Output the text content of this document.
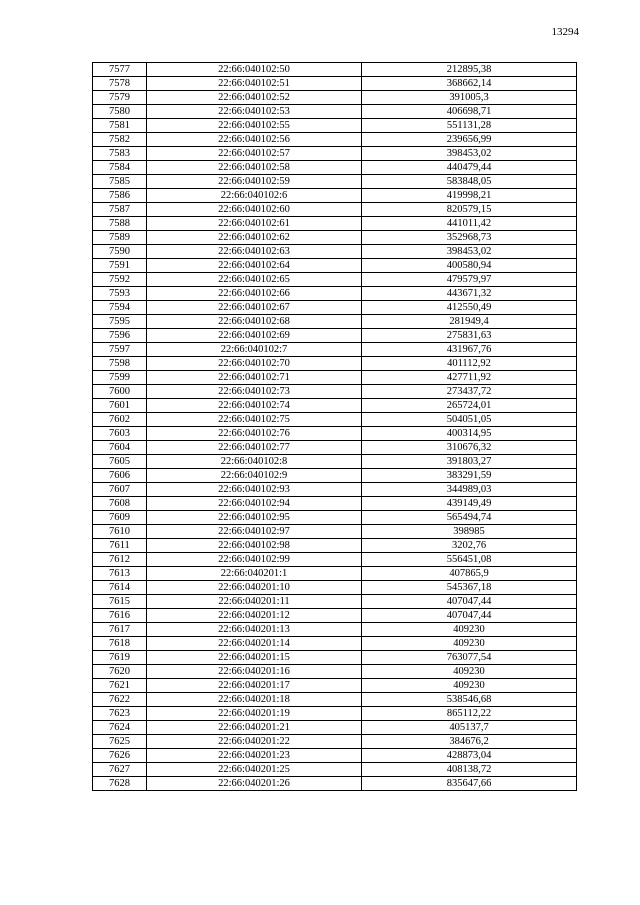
13294
7577	22:66:040102:50	212895,38
7578	22:66:040102:51	368662,14
7579	22:66:040102:52	391005,3
7580	22:66:040102:53	406698,71
7581	22:66:040102:55	551131,28
7582	22:66:040102:56	239656,99
7583	22:66:040102:57	398453,02
7584	22:66:040102:58	440479,44
7585	22:66:040102:59	583848,05
7586	22:66:040102:6	419998,21
7587	22:66:040102:60	820579,15
7588	22:66:040102:61	441011,42
7589	22:66:040102:62	352968,73
7590	22:66:040102:63	398453,02
7591	22:66:040102:64	400580,94
7592	22:66:040102:65	479579,97
7593	22:66:040102:66	443671,32
7594	22:66:040102:67	412550,49
7595	22:66:040102:68	281949,4
7596	22:66:040102:69	275831,63
7597	22:66:040102:7	431967,76
7598	22:66:040102:70	401112,92
7599	22:66:040102:71	427711,92
7600	22:66:040102:73	273437,72
7601	22:66:040102:74	265724,01
7602	22:66:040102:75	504051,05
7603	22:66:040102:76	400314,95
7604	22:66:040102:77	310676,32
7605	22:66:040102:8	391803,27
7606	22:66:040102:9	383291,59
7607	22:66:040102:93	344989,03
7608	22:66:040102:94	439149,49
7609	22:66:040102:95	565494,74
7610	22:66:040102:97	398985
7611	22:66:040102:98	3202,76
7612	22:66:040102:99	556451,08
7613	22:66:040201:1	407865,9
7614	22:66:040201:10	545367,18
7615	22:66:040201:11	407047,44
7616	22:66:040201:12	407047,44
7617	22:66:040201:13	409230
7618	22:66:040201:14	409230
7619	22:66:040201:15	763077,54
7620	22:66:040201:16	409230
7621	22:66:040201:17	409230
7622	22:66:040201:18	538546,68
7623	22:66:040201:19	865112,22
7624	22:66:040201:21	405137,7
7625	22:66:040201:22	384676,2
7626	22:66:040201:23	428873,04
7627	22:66:040201:25	408138,72
7628	22:66:040201:26	835647,66
